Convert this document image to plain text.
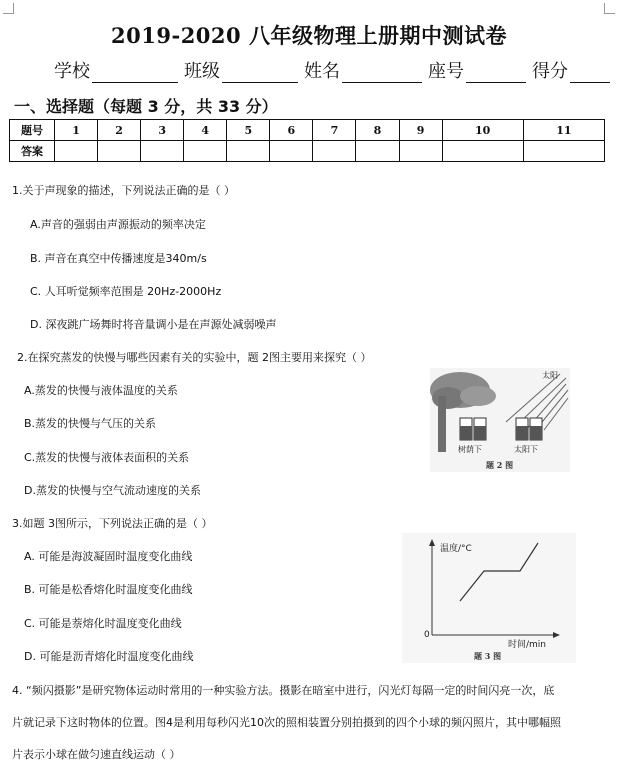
2019-2020 八年级物理上册期中测试卷
学校	班级	姓名	座号	得分
一、选择题（每题 3 分，共 33 分）
题号	1	2	3	4	5	6	7	8	9	10	11
答案											
1.关于声现象的描述，下列说法正确的是（ ）
A.声音的强弱由声源振动的频率决定
B. 声音在真空中传播速度是340m/s
C. 人耳听觉频率范围是 20Hz-2000Hz
D. 深夜跳广场舞时将音量调小是在声源处减弱噪声
2.在探究蒸发的快慢与哪些因素有关的实验中，题 2图主要用来探究（ ）
A.蒸发的快慢与液体温度的关系
B.蒸发的快慢与气压的关系
C.蒸发的快慢与液体表面积的关系
D.蒸发的快慢与空气流动速度的关系
太阳
树荫下	太阳下
题 2 图
3.如题 3图所示，下列说法正确的是（ ）
A. 可能是海波凝固时温度变化曲线
B. 可能是松香熔化时温度变化曲线
C. 可能是萘熔化时温度变化曲线
D. 可能是沥青熔化时温度变化曲线
温度/°C
0
时间/min
题 3 图
4. “频闪摄影”是研究物体运动时常用的一种实验方法。摄影在暗室中进行，闪光灯每隔一定的时间闪亮一次，底
片就记录下这时物体的位置。图4是利用每秒闪光10次的照相装置分别拍摄到的四个小球的频闪照片，其中哪幅照
片表示小球在做匀速直线运动（ ）
